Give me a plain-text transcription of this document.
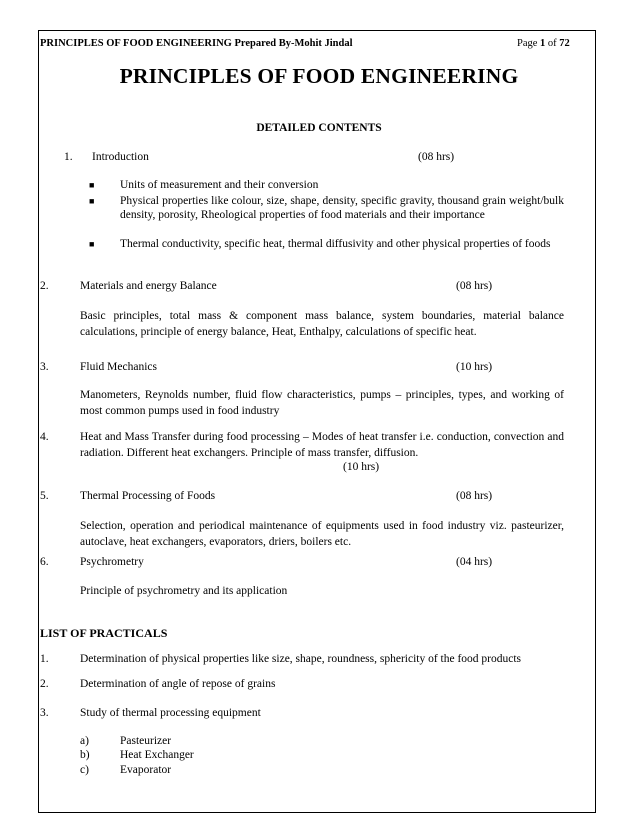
PRINCIPLES OF FOOD ENGINEERING Prepared By-Mohit Jindal	Page 1 of 72
PRINCIPLES OF FOOD ENGINEERING
DETAILED CONTENTS
1. Introduction	(08 hrs)
■ Units of measurement and their conversion
■ Physical properties like colour, size, shape, density, specific gravity, thousand grain weight/bulk density, porosity, Rheological properties of food materials and their importance
■ Thermal conductivity, specific heat, thermal diffusivity and other physical properties of foods
2.	Materials and energy Balance	(08 hrs)
Basic principles, total mass & component mass balance, system boundaries, material balance calculations, principle of energy balance, Heat, Enthalpy, calculations of specific heat.
3.	Fluid Mechanics	(10 hrs)
Manometers, Reynolds number, fluid flow characteristics, pumps – principles, types, and working of most common pumps used in food industry
4.	Heat and Mass Transfer during food processing – Modes of heat transfer i.e. conduction, convection and radiation. Different heat exchangers. Principle of mass transfer, diffusion.
(10 hrs)
5.	Thermal Processing of Foods	(08 hrs)
Selection, operation and periodical maintenance of equipments used in food industry viz. pasteurizer, autoclave, heat exchangers, evaporators, driers, boilers etc.
6.	Psychrometry	(04 hrs)
Principle of psychrometry and its application
LIST OF PRACTICALS
1.	Determination of physical properties like size, shape, roundness, sphericity of the food products
2.	Determination of angle of repose of grains
3.	Study of thermal processing equipment
a)	Pasteurizer
b)	Heat Exchanger
c)	Evaporator
